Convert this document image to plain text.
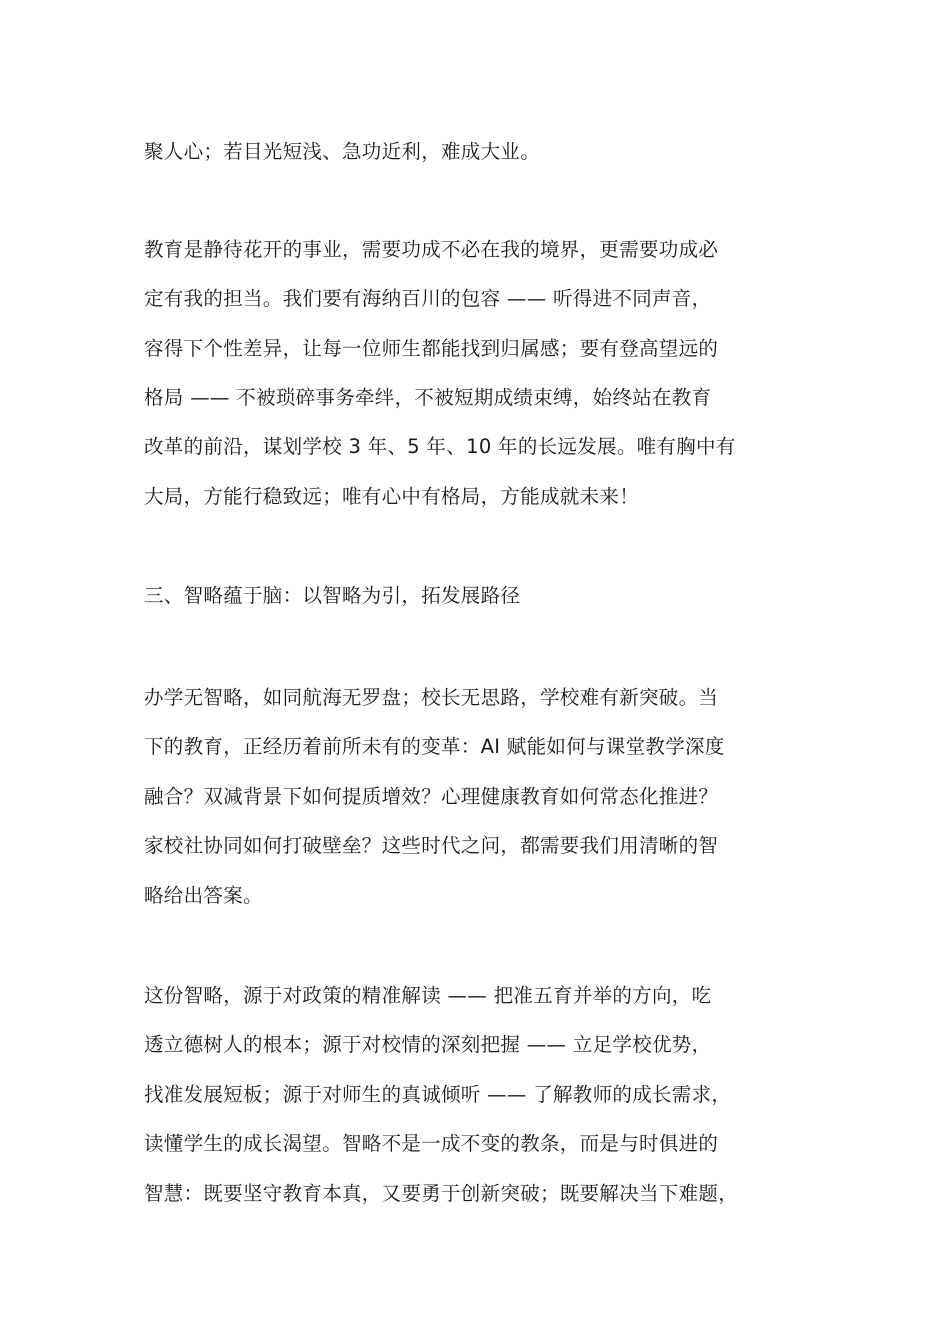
聚人心；若目光短浅、急功近利，难成大业。
教育是静待花开的事业，需要功成不必在我的境界，更需要功成必
定有我的担当。我们要有海纳百川的包容 —— 听得进不同声音，
容得下个性差异，让每一位师生都能找到归属感；要有登高望远的
格局 —— 不被琐碎事务牵绊，不被短期成绩束缚，始终站在教育
改革的前沿，谋划学校 3 年、5 年、10 年的长远发展。唯有胸中有
大局，方能行稳致远；唯有心中有格局，方能成就未来！
三、智略蕴于脑：以智略为引，拓发展路径
办学无智略，如同航海无罗盘；校长无思路，学校难有新突破。当
下的教育，正经历着前所未有的变革：AI 赋能如何与课堂教学深度
融合？双减背景下如何提质增效？心理健康教育如何常态化推进？
家校社协同如何打破壁垒？这些时代之问，都需要我们用清晰的智
略给出答案。
这份智略，源于对政策的精准解读 —— 把准五育并举的方向，吃
透立德树人的根本；源于对校情的深刻把握 —— 立足学校优势，
找准发展短板；源于对师生的真诚倾听 —— 了解教师的成长需求，
读懂学生的成长渴望。智略不是一成不变的教条，而是与时俱进的
智慧：既要坚守教育本真，又要勇于创新突破；既要解决当下难题，
